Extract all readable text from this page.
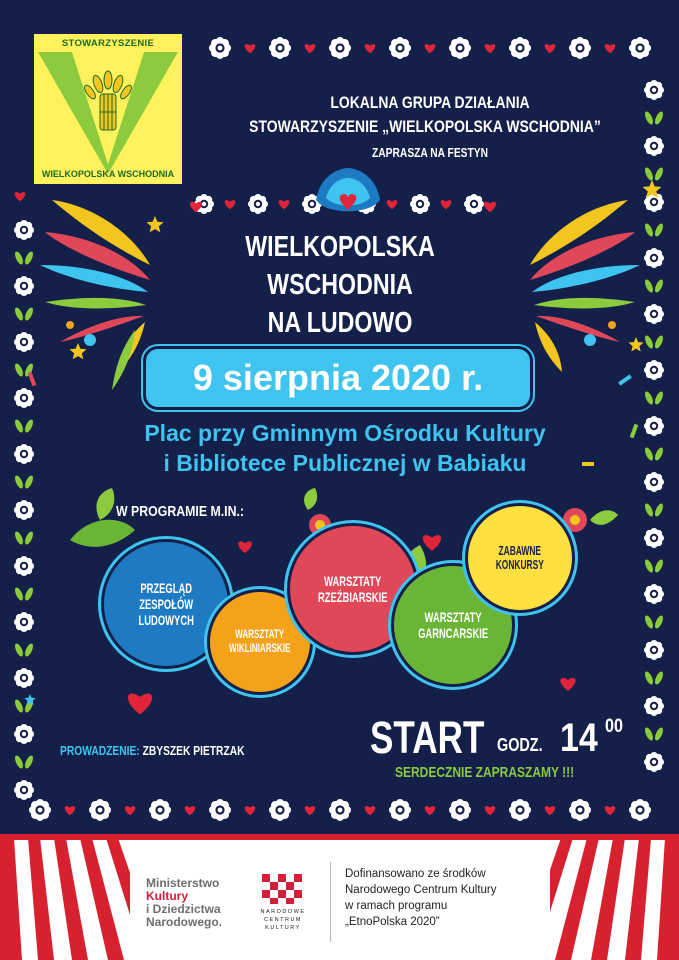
STOWARZYSZENIE
WIELKOPOLSKA WSCHODNIA
LOKALNA GRUPA DZIAŁANIA
STOWARZYSZENIE „WIELKOPOLSKA WSCHODNIA”
ZAPRASZA NA FESTYN
WIELKOPOLSKA WSCHODNIA
NA LUDOWO
9 sierpnia 2020 r.
Plac przy Gminnym Ośrodku Kultury
i Bibliotece Publicznej w Babiaku
W PROGRAMIE M.IN.:
PRZEGLĄD
ZESPOŁÓW
LUDOWYCH
WARSZTATY
WIKLINIARSKIE
WARSZTATY
RZEŹBIARSKIE
WARSZTATY
GARNCARSKIE
ZABAWNE
KONKURSY
PROWADZENIE: ZBYSZEK PIETRZAK	START GODZ. 14 00
SERDECZNIE ZAPRASZAMY !!!
Ministerstwo
Kultury
i Dziedzictwa
Narodowego.
NARODOWE
CENTRUM
KULTURY
Dofinansowano ze środków
Narodowego Centrum Kultury
w ramach programu
„EtnoPolska 2020”
